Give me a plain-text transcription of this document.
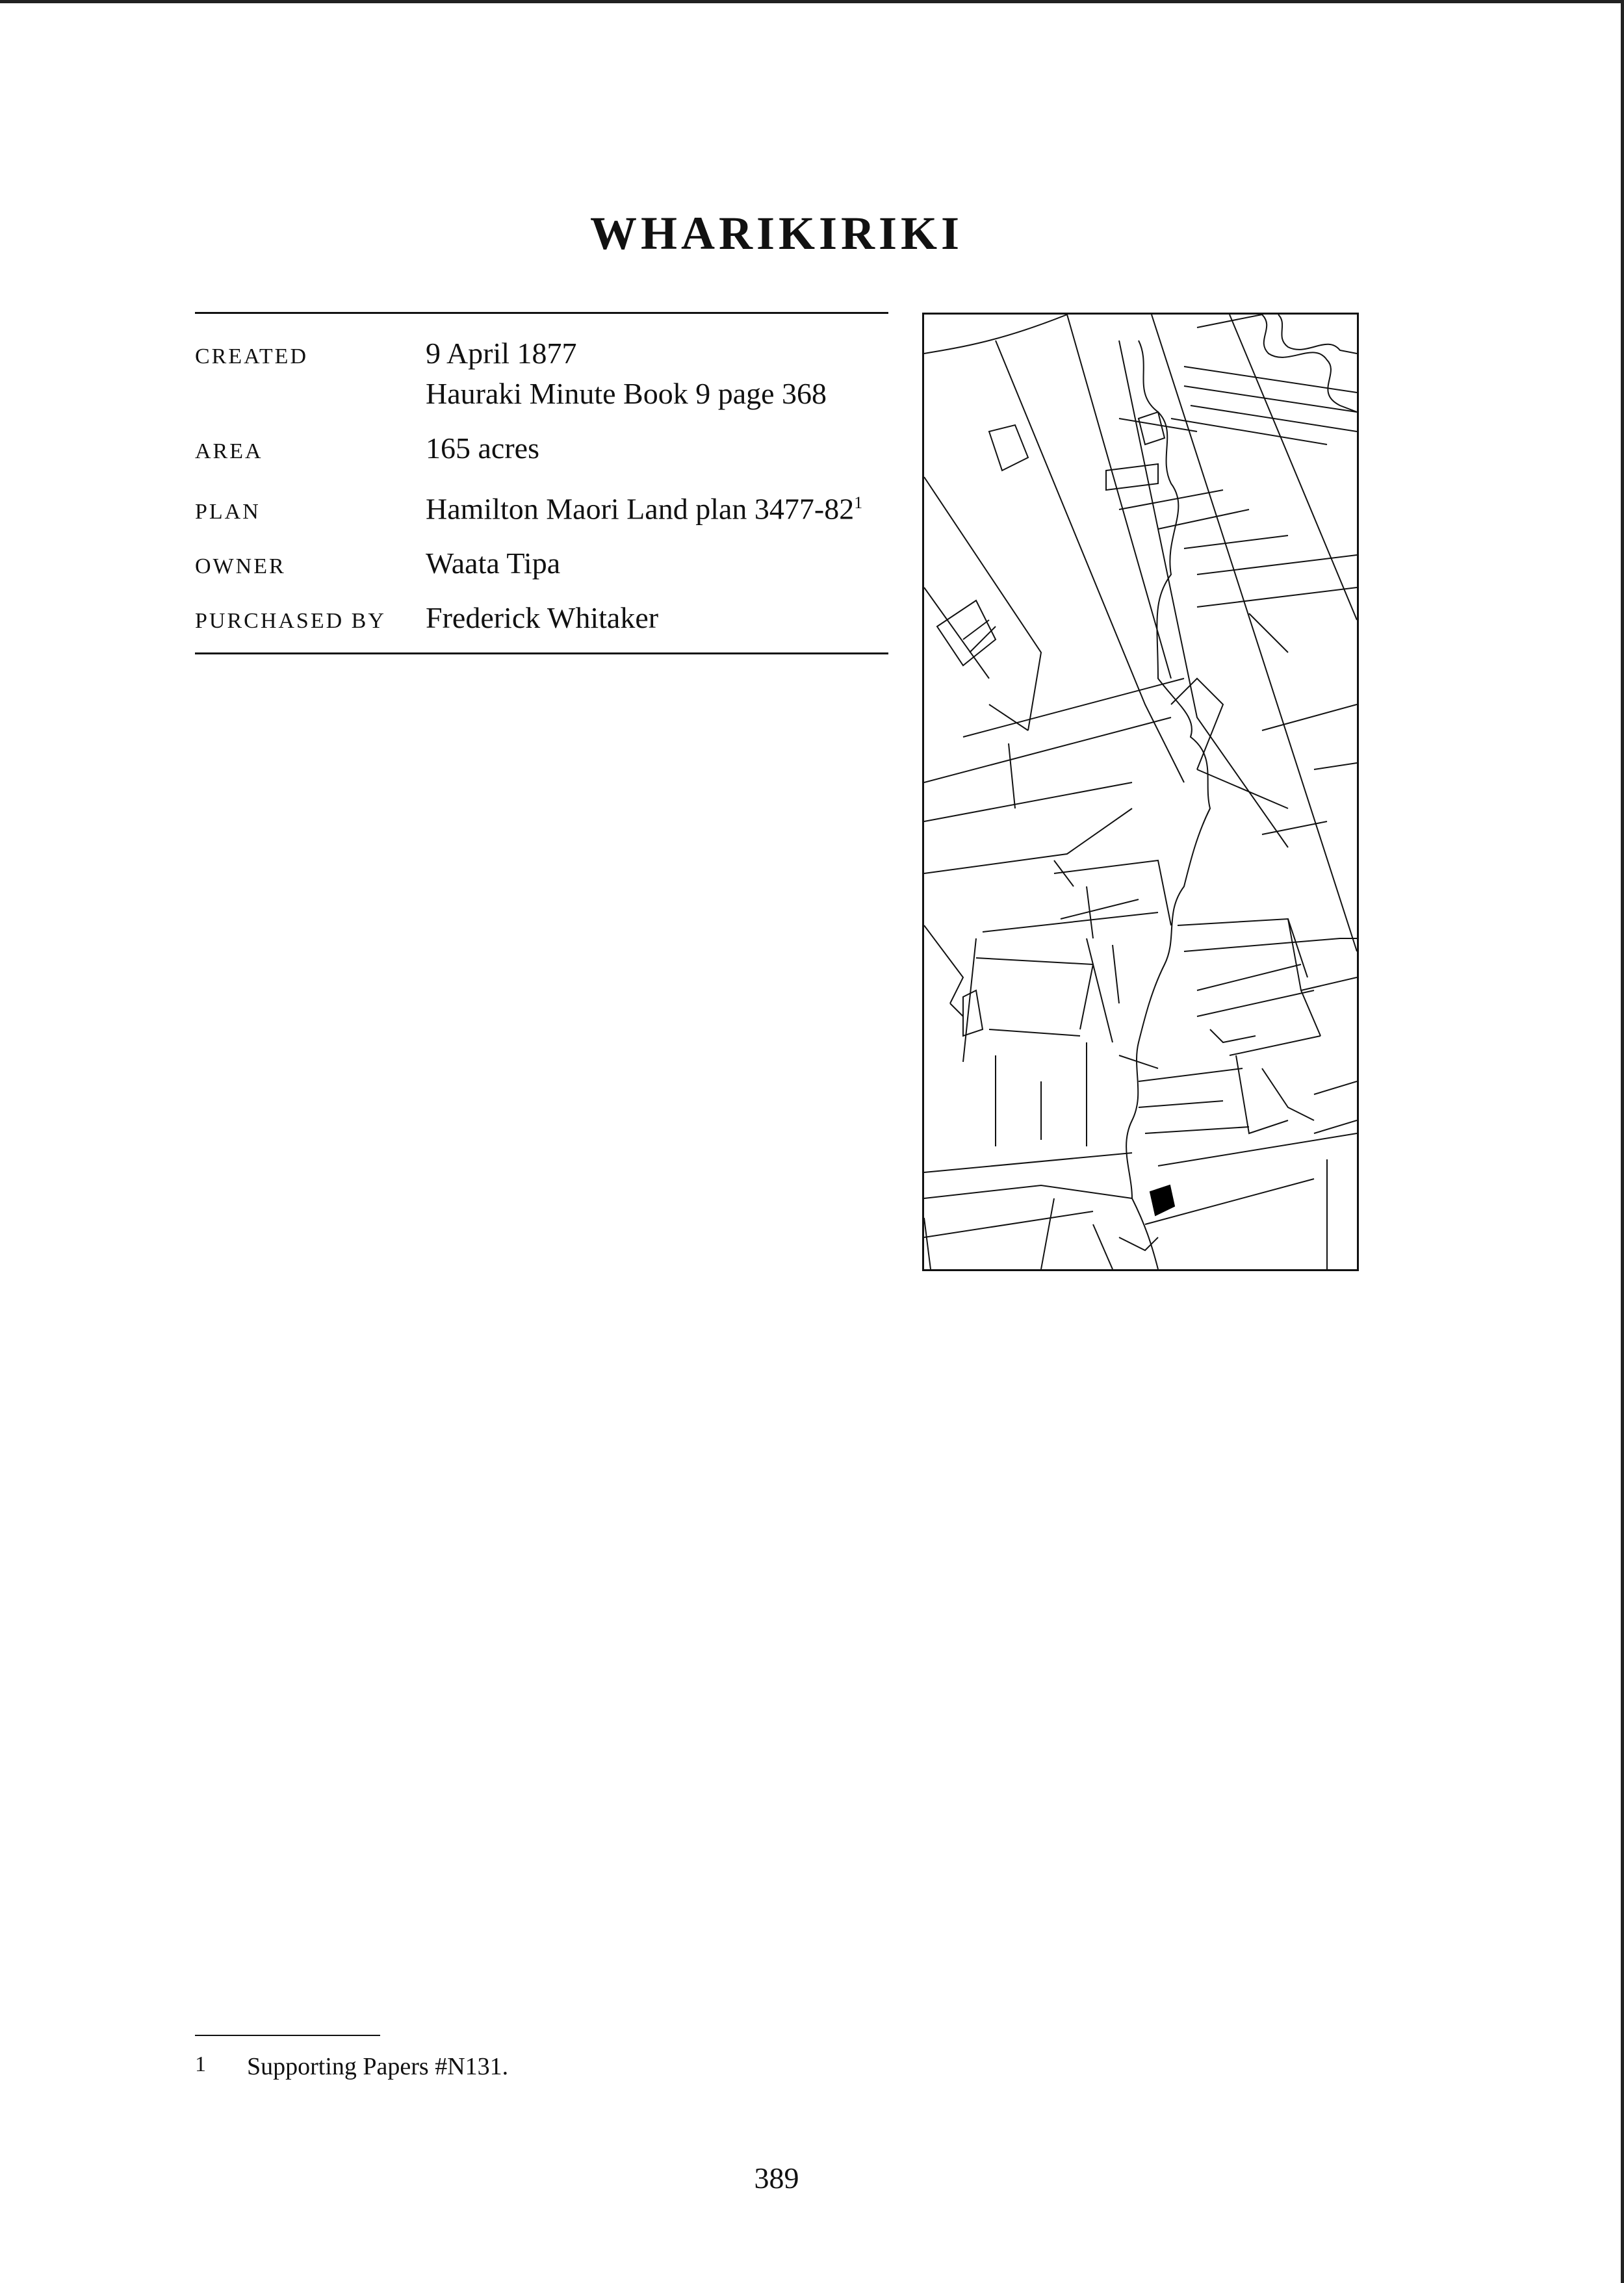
WHARIKIRIKI
CREATED	9 April 1877
Hauraki Minute Book 9 page 368
AREA	165 acres
PLAN	Hamilton Maori Land plan $3477-82^1$
OWNER	Waata Tipa
PURCHASED BY	Frederick Whitaker
1	Supporting Papers #N131.
389
